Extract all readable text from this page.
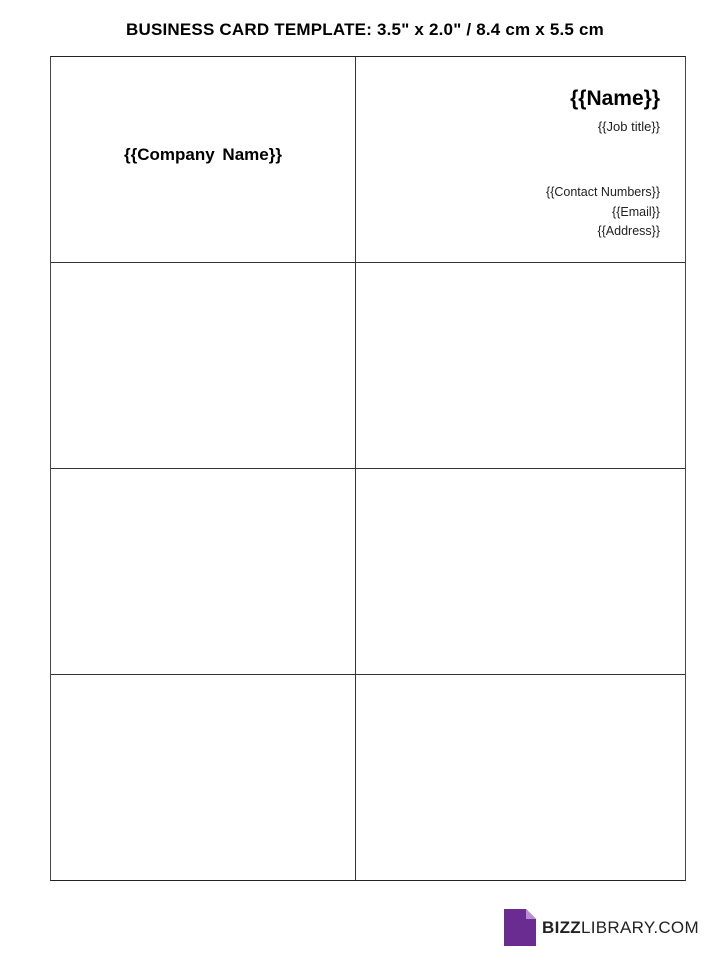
BUSINESS CARD TEMPLATE: 3.5" x 2.0" / 8.4 cm x 5.5 cm
{{Company Name}}
{{Name}}
{{Job title}}
{{Contact Numbers}}
{{Email}}
{{Address}}
BIZZLIBRARY.COM
